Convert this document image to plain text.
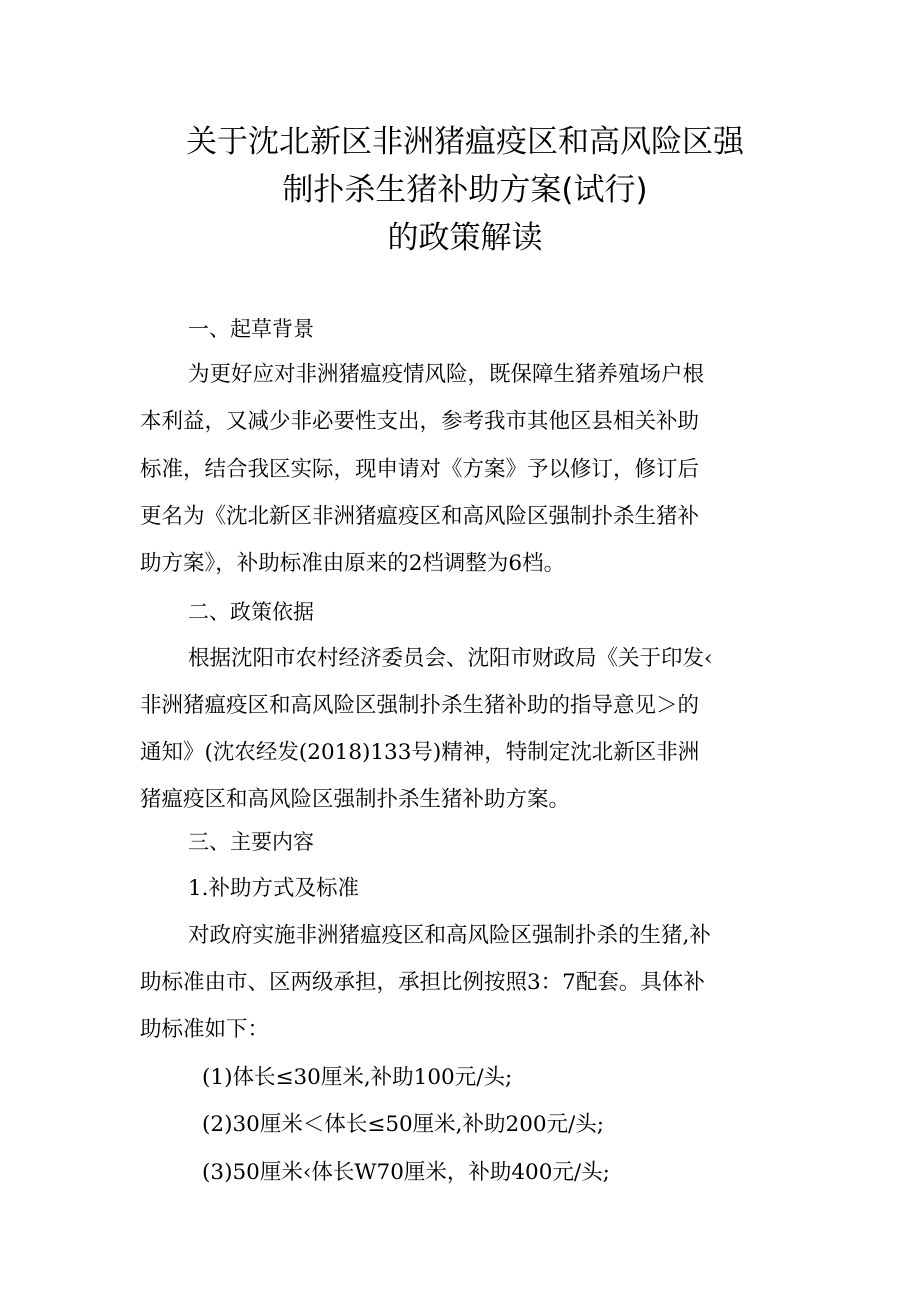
关于沈北新区非洲猪瘟疫区和高风险区强
制扑杀生猪补助方案(试行)
的政策解读
一、起草背景
为更好应对非洲猪瘟疫情风险，既保障生猪养殖场户根
本利益，又减少非必要性支出，参考我市其他区县相关补助
标准，结合我区实际，现申请对《方案》予以修订，修订后
更名为《沈北新区非洲猪瘟疫区和高风险区强制扑杀生猪补
助方案》，补助标准由原来的2档调整为6档。
二、政策依据
根据沈阳市农村经济委员会、沈阳市财政局《关于印发‹
非洲猪瘟疫区和高风险区强制扑杀生猪补助的指导意见＞的
通知》(沈农经发(2018)133号)精神，特制定沈北新区非洲
猪瘟疫区和高风险区强制扑杀生猪补助方案。
三、主要内容
1.补助方式及标准
对政府实施非洲猪瘟疫区和高风险区强制扑杀的生猪,补
助标准由市、区两级承担，承担比例按照3：7配套。具体补
助标准如下：
(1)体长≤30厘米,补助100元/头;
(2)30厘米＜体长≤50厘米,补助200元/头;
(3)50厘米‹体长W70厘米，补助400元/头;
